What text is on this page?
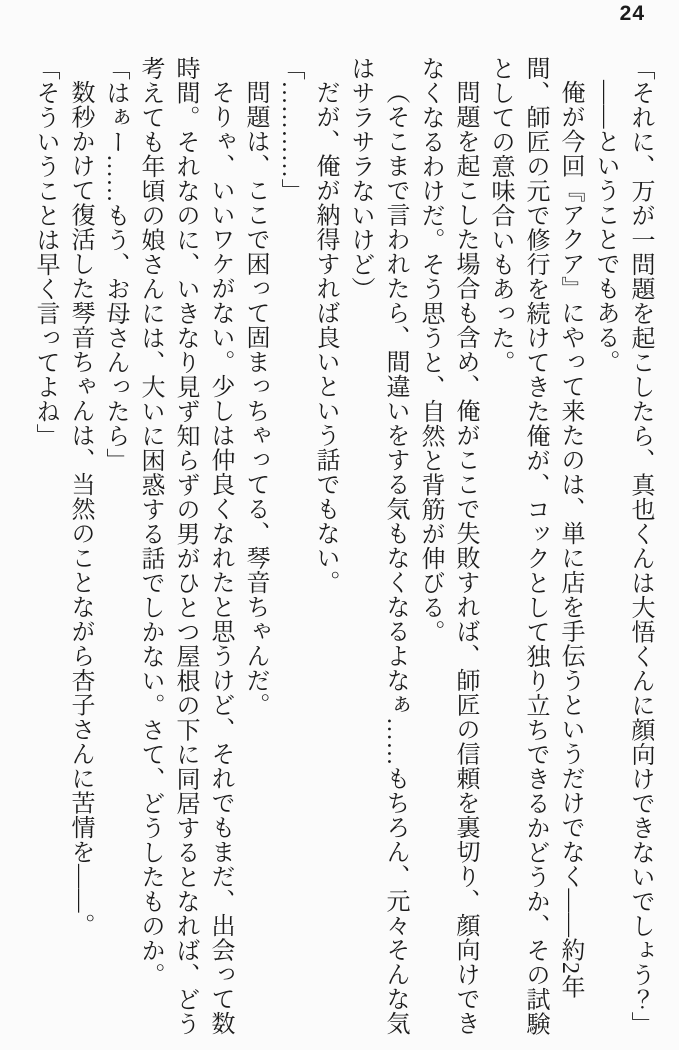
24

「それに、万が一問題を起こしたら、真也くんは大悟くんに顔向けできないでしょう？」

――ということでもある。

俺が今回『アクア』にやって来たのは、単に店を手伝うというだけでなく――約2年間、師匠の元で修行を続けてきた俺が、コックとして独り立ちできるかどうか、その試験としての意味合いもあった。

問題を起こした場合も含め、俺がここで失敗すれば、師匠の信頼を裏切り、顔向けできなくなるわけだ。そう思うと、自然と背筋が伸びる。

（そこまで言われたら、間違いをする気もなくなるよなぁ……もちろん、元々そんな気はサラサラないけど）

だが、俺が納得すれば良いという話でもない。

「…………」

問題は、ここで困って固まっちゃってる、琴音ちゃんだ。

そりゃ、いいワケがない。少しは仲良くなれたと思うけど、それでもまだ、出会って数時間。それなのに、いきなり見ず知らずの男がひとつ屋根の下に同居するとなれば、どう考えても年頃の娘さんには、大いに困惑する話でしかない。さて、どうしたものか。

「はぁー……もう、お母さんったら」

数秒かけて復活した琴音ちゃんは、当然のことながら杏子さんに苦情を――。

「そういうことは早く言ってよね」
